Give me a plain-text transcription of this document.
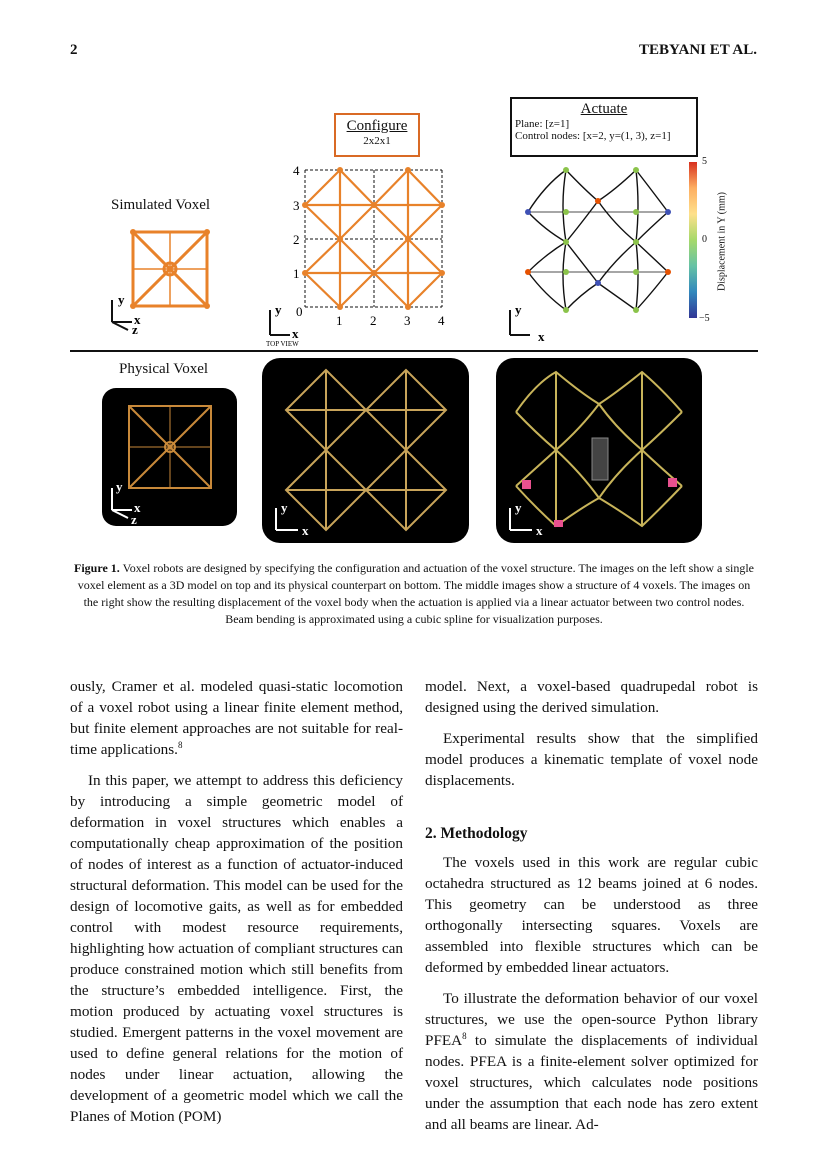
2	TEBYANI ET AL.
Simulated Voxel
y
x
z
Configure
2x2x1
4
3
2
1
0
1 2 3 4
y
x
TOP VIEW
Actuate
Plane: [z=1]
Control nodes: [x=2, y=(1, 3), z=1]
y
x
5
0
−5
Displacement in Y (mm)
Physical Voxel
y
x
z
y
x
y
x
Figure 1. Voxel robots are designed by specifying the configuration and actuation of the voxel structure. The images on the left show a single voxel element as a 3D model on top and its physical counterpart on bottom. The middle images show a structure of 4 voxels. The images on the right show the resulting displacement of the voxel body when the actuation is applied via a linear actuator between two control nodes. Beam bending is approximated using a cubic spline for visualization purposes.

ously, Cramer et al. modeled quasi-static locomotion of a voxel robot using a linear finite element method, but finite element approaches are not suitable for real-time applications.$^8$

In this paper, we attempt to address this deficiency by introducing a simple geometric model of deformation in voxel structures which enables a computationally cheap approximation of the position of nodes of interest as a function of actuator-induced structural deformation. This model can be used for the design of locomotive gaits, as well as for embedded control with modest resource requirements, highlighting how actuation of compliant structures can produce constrained motion which still benefits from the structure’s embedded intelligence. First, the motion produced by actuating voxel structures is studied. Emergent patterns in the voxel movement are used to define general relations for the motion of nodes under linear actuation, allowing the development of a geometric model which we call the Planes of Motion (POM)

model. Next, a voxel-based quadrupedal robot is designed using the derived simulation.

Experimental results show that the simplified model produces a kinematic template of voxel node displacements.

2. Methodology

The voxels used in this work are regular cubic octahedra structured as 12 beams joined at 6 nodes. This geometry can be understood as three orthogonally intersecting squares. Voxels are assembled into flexible structures which can be deformed by embedded linear actuators.

To illustrate the deformation behavior of our voxel structures, we use the open-source Python library PFEA$^8$ to simulate the displacements of individual nodes. PFEA is a finite-element solver optimized for voxel structures, which calculates node positions under the assumption that each node has zero extent and all beams are linear. Ad-
